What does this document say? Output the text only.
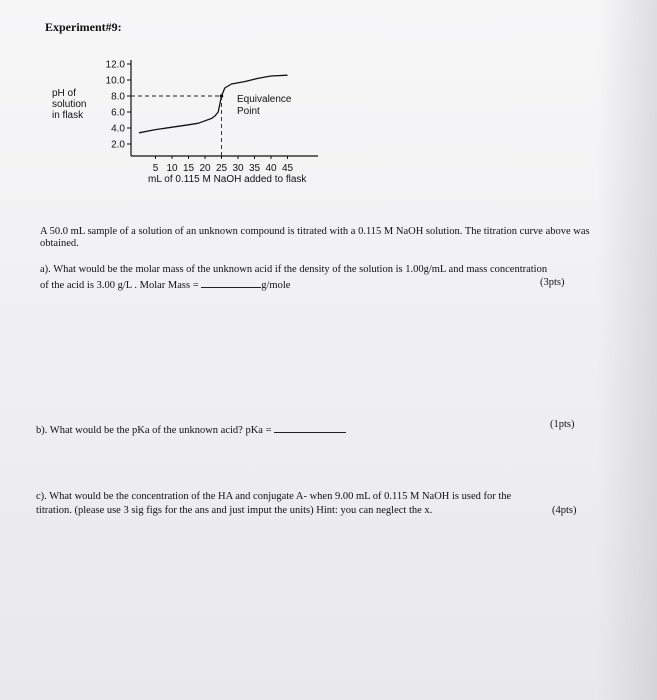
Experiment#9:
pH of
solution
in flask
2.0
4.0
6.0
8.0
10.0
12.0
5 10 15 20 25 30 35 40 45
mL of 0.115 M NaOH added to flask
Equivalence
Point
A 50.0 mL sample of a solution of an unknown compound is titrated with a 0.115 M NaOH solution. The titration curve above was obtained.
a). What would be the molar mass of the unknown acid if the density of the solution is 1.00g/mL and mass concentration
of the acid is 3.00 g/L . Molar Mass =	g/mole	(3pts)
b). What would be the pKa of the unknown acid? pKa =
(1pts)
c). What would be the concentration of the HA and conjugate A- when 9.00 mL of 0.115 M NaOH is used for the
titration. (please use 3 sig figs for the ans and just imput the units) Hint: you can neglect the x.	(4pts)
